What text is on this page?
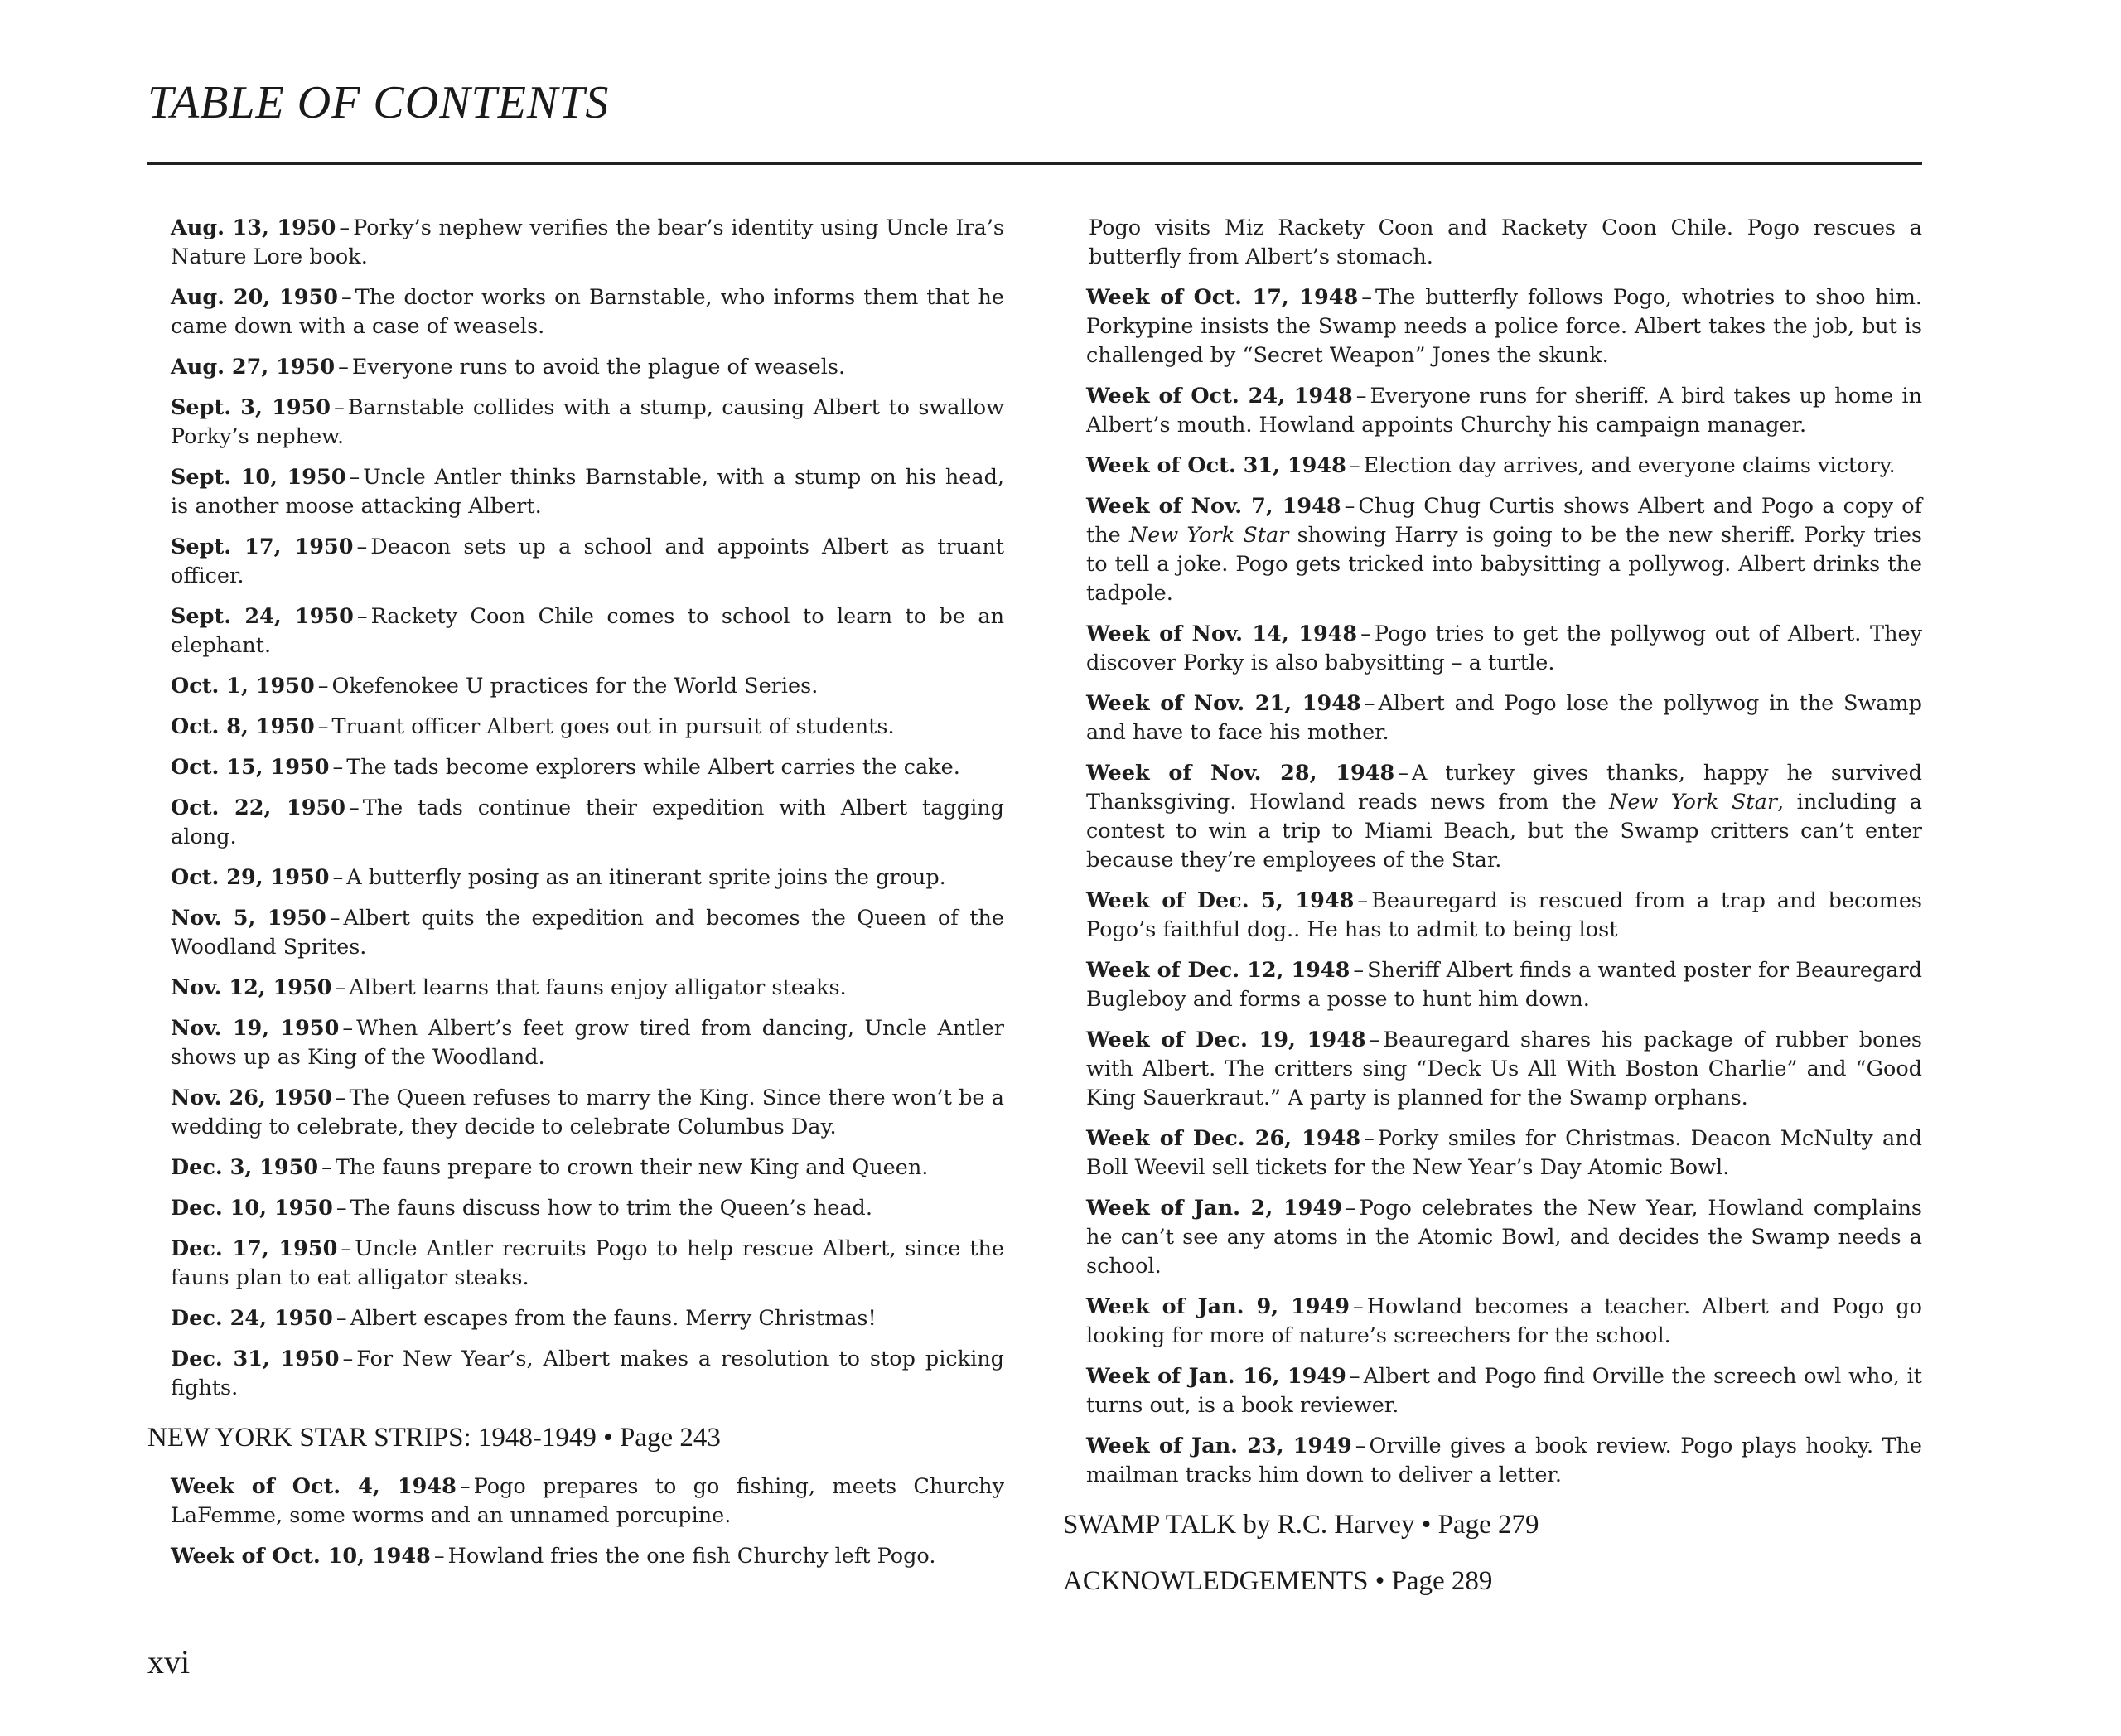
TABLE OF CONTENTS
Aug. 13, 1950 – Porky’s nephew verifies the bear’s identity using Uncle Ira’s Nature Lore book.
Aug. 20, 1950 – The doctor works on Barnstable, who informs them that he came down with a case of weasels.
Aug. 27, 1950 – Everyone runs to avoid the plague of weasels.
Sept. 3, 1950 – Barnstable collides with a stump, causing Albert to swallow Porky’s nephew.
Sept. 10, 1950 – Uncle Antler thinks Barnstable, with a stump on his head, is another moose attacking Albert.
Sept. 17, 1950 – Deacon sets up a school and appoints Albert as truant officer.
Sept. 24, 1950 – Rackety Coon Chile comes to school to learn to be an elephant.
Oct. 1, 1950 – Okefenokee U practices for the World Series.
Oct. 8, 1950 – Truant officer Albert goes out in pursuit of students.
Oct. 15, 1950 – The tads become explorers while Albert carries the cake.
Oct. 22, 1950 – The tads continue their expedition with Albert tagging along.
Oct. 29, 1950 – A butterfly posing as an itinerant sprite joins the group.
Nov. 5, 1950 – Albert quits the expedition and becomes the Queen of the Woodland Sprites.
Nov. 12, 1950 – Albert learns that fauns enjoy alligator steaks.
Nov. 19, 1950 – When Albert’s feet grow tired from dancing, Uncle Antler shows up as King of the Woodland.
Nov. 26, 1950 – The Queen refuses to marry the King. Since there won’t be a wedding to celebrate, they decide to celebrate Columbus Day.
Dec. 3, 1950 – The fauns prepare to crown their new King and Queen.
Dec. 10, 1950 – The fauns discuss how to trim the Queen’s head.
Dec. 17, 1950 – Uncle Antler recruits Pogo to help rescue Albert, since the fauns plan to eat alligator steaks.
Dec. 24, 1950 – Albert escapes from the fauns. Merry Christmas!
Dec. 31, 1950 – For New Year’s, Albert makes a resolution to stop picking fights.
NEW YORK STAR STRIPS: 1948-1949 • Page 243
Week of Oct. 4, 1948 – Pogo prepares to go fishing, meets Churchy LaFemme, some worms and an unnamed porcupine.
Week of Oct. 10, 1948 – Howland fries the one fish Churchy left Pogo.
Pogo visits Miz Rackety Coon and Rackety Coon Chile. Pogo rescues a butterfly from Albert’s stomach.
Week of Oct. 17, 1948 – The butterfly follows Pogo, whotries to shoo him. Porkypine insists the Swamp needs a police force. Albert takes the job, but is challenged by “Secret Weapon” Jones the skunk.
Week of Oct. 24, 1948 – Everyone runs for sheriff. A bird takes up home in Albert’s mouth. Howland appoints Churchy his campaign manager.
Week of Oct. 31, 1948 – Election day arrives, and everyone claims victory.
Week of Nov. 7, 1948 – Chug Chug Curtis shows Albert and Pogo a copy of the New York Star showing Harry is going to be the new sheriff. Porky tries to tell a joke. Pogo gets tricked into babysitting a pollywog. Albert drinks the tadpole.
Week of Nov. 14, 1948 – Pogo tries to get the pollywog out of Albert. They discover Porky is also babysitting – a turtle.
Week of Nov. 21, 1948 – Albert and Pogo lose the pollywog in the Swamp and have to face his mother.
Week of Nov. 28, 1948 – A turkey gives thanks, happy he survived Thanksgiving. Howland reads news from the New York Star, including a contest to win a trip to Miami Beach, but the Swamp critters can’t enter because they’re employees of the Star.
Week of Dec. 5, 1948 – Beauregard is rescued from a trap and becomes Pogo’s faithful dog.. He has to admit to being lost
Week of Dec. 12, 1948 – Sheriff Albert finds a wanted poster for Beauregard Bugleboy and forms a posse to hunt him down.
Week of Dec. 19, 1948 – Beauregard shares his package of rubber bones with Albert. The critters sing “Deck Us All With Boston Charlie” and “Good King Sauerkraut.” A party is planned for the Swamp orphans.
Week of Dec. 26, 1948 – Porky smiles for Christmas. Deacon McNulty and Boll Weevil sell tickets for the New Year’s Day Atomic Bowl.
Week of Jan. 2, 1949 – Pogo celebrates the New Year, Howland complains he can’t see any atoms in the Atomic Bowl, and decides the Swamp needs a school.
Week of Jan. 9, 1949 – Howland becomes a teacher. Albert and Pogo go looking for more of nature’s screechers for the school.
Week of Jan. 16, 1949 – Albert and Pogo find Orville the screech owl who, it turns out, is a book reviewer.
Week of Jan. 23, 1949 – Orville gives a book review. Pogo plays hooky. The mailman tracks him down to deliver a letter.
SWAMP TALK by R.C. Harvey • Page 279
ACKNOWLEDGEMENTS • Page 289
xvi
